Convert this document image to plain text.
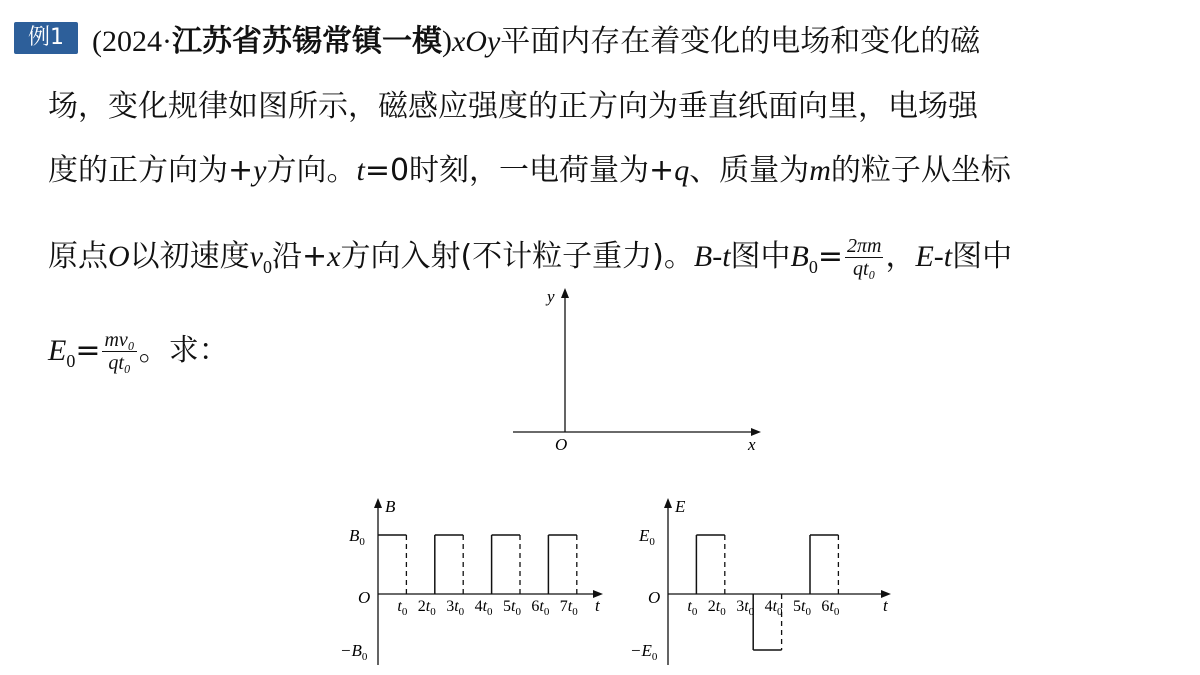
例1 (2024·江苏省苏锡常镇一模)xOy平面内存在着变化的电场和变化的磁
场，变化规律如图所示，磁感应强度的正方向为垂直纸面向里，电场强
度的正方向为+y方向。t=0时刻，一电荷量为+q、质量为m的粒子从坐标
原点O以初速度$v_0$沿+x方向入射(不计粒子重力)。B-t图中$B_0= \frac{2\pi m}{\text{qt₀}}$ ，E-t图中
$E_0= \frac{\text{mv₀}}{\text{qt₀}}$ 。求：
y
x
O
B
t
O
$B_0$
$-B_0$
$t_0$ $2t_0$ $3t_0$ $4t_0$ $5t_0$ $6t_0$ $7t_0$
E
t
O
$E_0$
$-E_0$
$t_0$ $2t_0$ $3t_0$ $4t_0$ $5t_0$ $6t_0$
